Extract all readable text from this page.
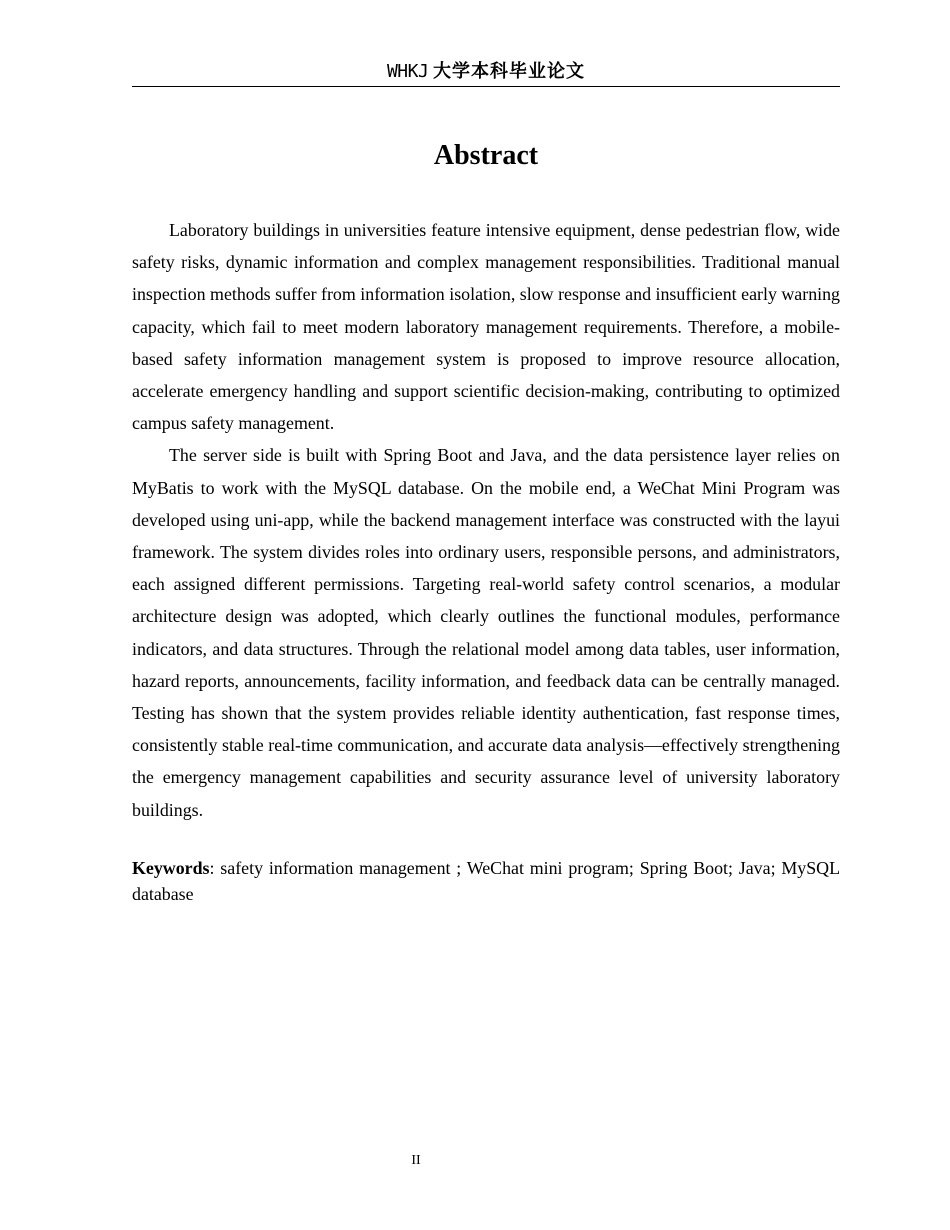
WHKJ 大学本科毕业论文
Abstract

Laboratory buildings in universities feature intensive equipment, dense pedestrian flow, wide safety risks, dynamic information and complex management responsibilities. Traditional manual inspection methods suffer from information isolation, slow response and insufficient early warning capacity, which fail to meet modern laboratory management requirements. Therefore, a mobile-based safety information management system is proposed to improve resource allocation, accelerate emergency handling and support scientific decision-making, contributing to optimized campus safety management.

The server side is built with Spring Boot and Java, and the data persistence layer relies on MyBatis to work with the MySQL database. On the mobile end, a WeChat Mini Program was developed using uni-app, while the backend management interface was constructed with the layui framework. The system divides roles into ordinary users, responsible persons, and administrators, each assigned different permissions. Targeting real-world safety control scenarios, a modular architecture design was adopted, which clearly outlines the functional modules, performance indicators, and data structures. Through the relational model among data tables, user information, hazard reports, announcements, facility information, and feedback data can be centrally managed. Testing has shown that the system provides reliable identity authentication, fast response times, consistently stable real-time communication, and accurate data analysis—effectively strengthening the emergency management capabilities and security assurance level of university laboratory buildings.

Keywords: safety information management ; WeChat mini program; Spring Boot; Java; MySQL database

II
